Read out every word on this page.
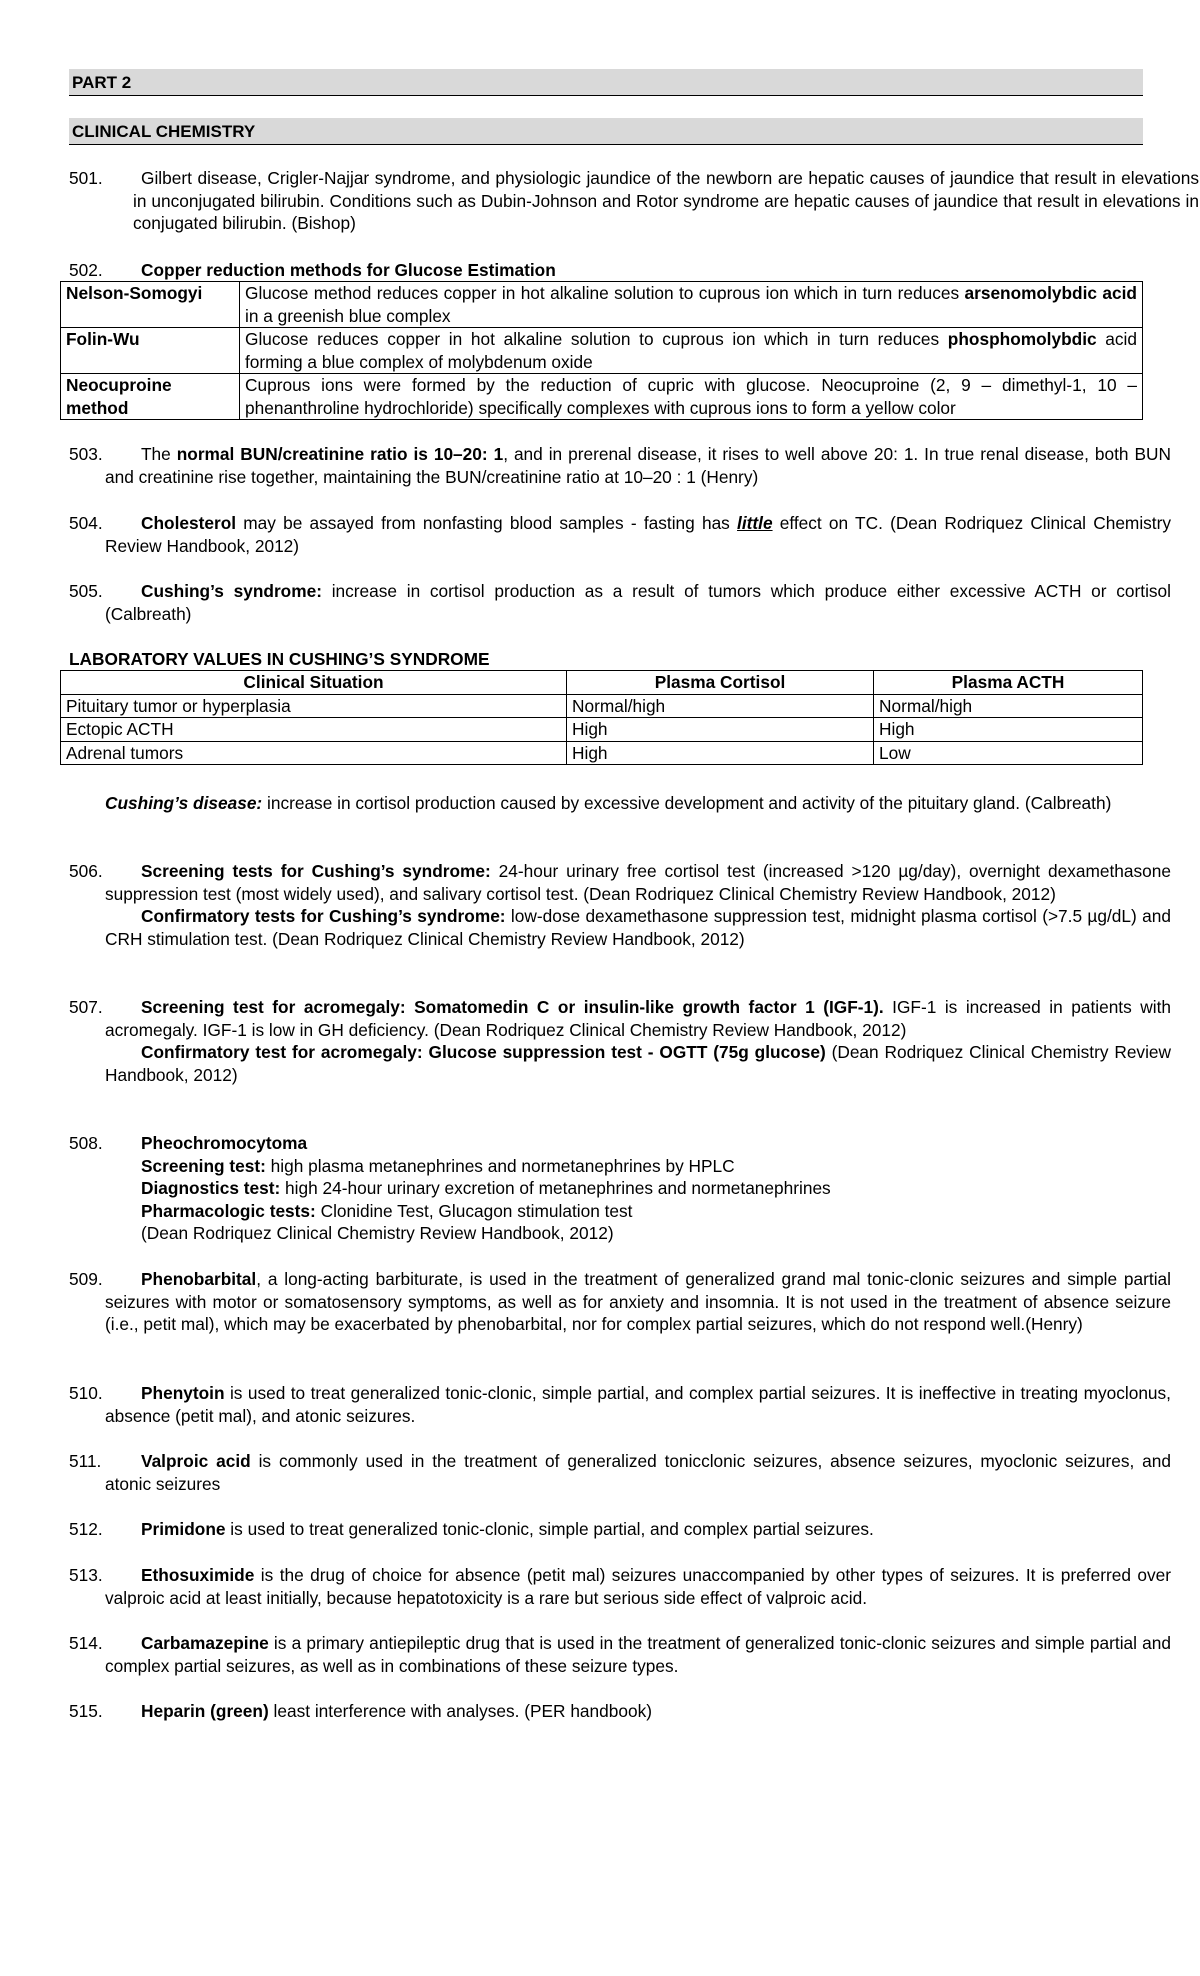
PART 2
CLINICAL CHEMISTRY
501. Gilbert disease, Crigler-Najjar syndrome, and physiologic jaundice of the newborn are hepatic causes of jaundice that result in elevations in unconjugated bilirubin. Conditions such as Dubin-Johnson and Rotor syndrome are hepatic causes of jaundice that result in elevations in conjugated bilirubin. (Bishop)
502. Copper reduction methods for Glucose Estimation
Nelson-Somogyi	Glucose method reduces copper in hot alkaline solution to cuprous ion which in turn reduces arsenomolybdic acid in a greenish blue complex
Folin-Wu	Glucose reduces copper in hot alkaline solution to cuprous ion which in turn reduces phosphomolybdic acid forming a blue complex of molybdenum oxide
Neocuproine method	Cuprous ions were formed by the reduction of cupric with glucose. Neocuproine (2, 9 – dimethyl-1, 10 – phenanthroline hydrochloride) specifically complexes with cuprous ions to form a yellow color
503. The normal BUN/creatinine ratio is 10–20: 1, and in prerenal disease, it rises to well above 20: 1. In true renal disease, both BUN and creatinine rise together, maintaining the BUN/creatinine ratio at 10–20 : 1 (Henry)
504. Cholesterol may be assayed from nonfasting blood samples - fasting has little effect on TC. (Dean Rodriquez Clinical Chemistry Review Handbook, 2012)
505. Cushing’s syndrome: increase in cortisol production as a result of tumors which produce either excessive ACTH or cortisol (Calbreath)
LABORATORY VALUES IN CUSHING’S SYNDROME
Clinical Situation	Plasma Cortisol	Plasma ACTH
Pituitary tumor or hyperplasia	Normal/high	Normal/high
Ectopic ACTH	High	High
Adrenal tumors	High	Low
Cushing’s disease: increase in cortisol production caused by excessive development and activity of the pituitary gland. (Calbreath)
506. Screening tests for Cushing’s syndrome: 24-hour urinary free cortisol test (increased >120 µg/day), overnight dexamethasone suppression test (most widely used), and salivary cortisol test. (Dean Rodriquez Clinical Chemistry Review Handbook, 2012)
Confirmatory tests for Cushing’s syndrome: low-dose dexamethasone suppression test, midnight plasma cortisol (>7.5 µg/dL) and CRH stimulation test. (Dean Rodriquez Clinical Chemistry Review Handbook, 2012)
507. Screening test for acromegaly: Somatomedin C or insulin-like growth factor 1 (IGF-1). IGF-1 is increased in patients with acromegaly. IGF-1 is low in GH deficiency. (Dean Rodriquez Clinical Chemistry Review Handbook, 2012)
Confirmatory test for acromegaly: Glucose suppression test - OGTT (75g glucose) (Dean Rodriquez Clinical Chemistry Review Handbook, 2012)
508. Pheochromocytoma
Screening test: high plasma metanephrines and normetanephrines by HPLC
Diagnostics test: high 24-hour urinary excretion of metanephrines and normetanephrines
Pharmacologic tests: Clonidine Test, Glucagon stimulation test
(Dean Rodriquez Clinical Chemistry Review Handbook, 2012)
509. Phenobarbital, a long-acting barbiturate, is used in the treatment of generalized grand mal tonic-clonic seizures and simple partial seizures with motor or somatosensory symptoms, as well as for anxiety and insomnia. It is not used in the treatment of absence seizure (i.e., petit mal), which may be exacerbated by phenobarbital, nor for complex partial seizures, which do not respond well.(Henry)
510. Phenytoin is used to treat generalized tonic-clonic, simple partial, and complex partial seizures. It is ineffective in treating myoclonus, absence (petit mal), and atonic seizures.
511. Valproic acid is commonly used in the treatment of generalized tonicclonic seizures, absence seizures, myoclonic seizures, and atonic seizures
512. Primidone is used to treat generalized tonic-clonic, simple partial, and complex partial seizures.
513. Ethosuximide is the drug of choice for absence (petit mal) seizures unaccompanied by other types of seizures. It is preferred over valproic acid at least initially, because hepatotoxicity is a rare but serious side effect of valproic acid.
514. Carbamazepine is a primary antiepileptic drug that is used in the treatment of generalized tonic-clonic seizures and simple partial and complex partial seizures, as well as in combinations of these seizure types.
515. Heparin (green) least interference with analyses. (PER handbook)
